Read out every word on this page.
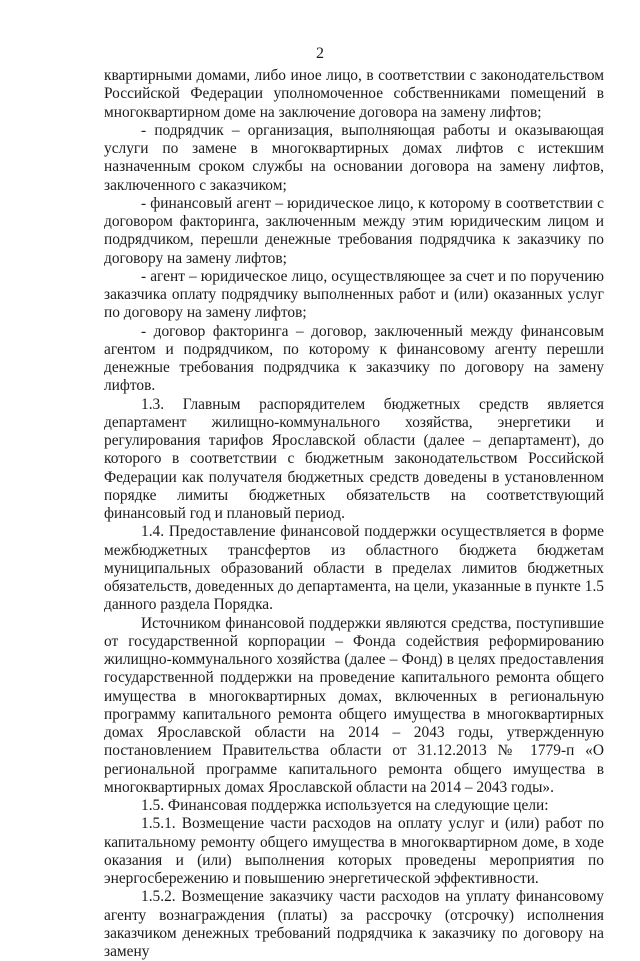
2

квартирными домами, либо иное лицо, в соответствии с законодательством Российской Федерации уполномоченное собственниками помещений в многоквартирном доме на заключение договора на замену лифтов;

- подрядчик – организация, выполняющая работы и оказывающая услуги по замене в многоквартирных домах лифтов с истекшим назначенным сроком службы на основании договора на замену лифтов, заключенного с заказчиком;

- финансовый агент – юридическое лицо, к которому в соответствии с договором факторинга, заключенным между этим юридическим лицом и подрядчиком, перешли денежные требования подрядчика к заказчику по договору на замену лифтов;

- агент – юридическое лицо, осуществляющее за счет и по поручению заказчика оплату подрядчику выполненных работ и (или) оказанных услуг по договору на замену лифтов;

- договор факторинга – договор, заключенный между финансовым агентом и подрядчиком, по которому к финансовому агенту перешли денежные требования подрядчика к заказчику по договору на замену лифтов.

1.3. Главным распорядителем бюджетных средств является департамент жилищно-коммунального хозяйства, энергетики и регулирования тарифов Ярославской области (далее – департамент), до которого в соответствии с бюджетным законодательством Российской Федерации как получателя бюджетных средств доведены в установленном порядке лимиты бюджетных обязательств на соответствующий финансовый год и плановый период.

1.4. Предоставление финансовой поддержки осуществляется в форме межбюджетных трансфертов из областного бюджета бюджетам муниципальных образований области в пределах лимитов бюджетных обязательств, доведенных до департамента, на цели, указанные в пункте 1.5 данного раздела Порядка.

Источником финансовой поддержки являются средства, поступившие от государственной корпорации – Фонда содействия реформированию жилищно-коммунального хозяйства (далее – Фонд) в целях предоставления государственной поддержки на проведение капитального ремонта общего имущества в многоквартирных домах, включенных в региональную программу капитального ремонта общего имущества в многоквартирных домах Ярославской области на 2014 – 2043 годы, утвержденную постановлением Правительства области от 31.12.2013 № 1779-п «О региональной программе капитального ремонта общего имущества в многоквартирных домах Ярославской области на 2014 – 2043 годы».

1.5. Финансовая поддержка используется на следующие цели:

1.5.1. Возмещение части расходов на оплату услуг и (или) работ по капитальному ремонту общего имущества в многоквартирном доме, в ходе оказания и (или) выполнения которых проведены мероприятия по энергосбережению и повышению энергетической эффективности.

1.5.2. Возмещение заказчику части расходов на уплату финансовому агенту вознаграждения (платы) за рассрочку (отсрочку) исполнения заказчиком денежных требований подрядчика к заказчику по договору на замену
